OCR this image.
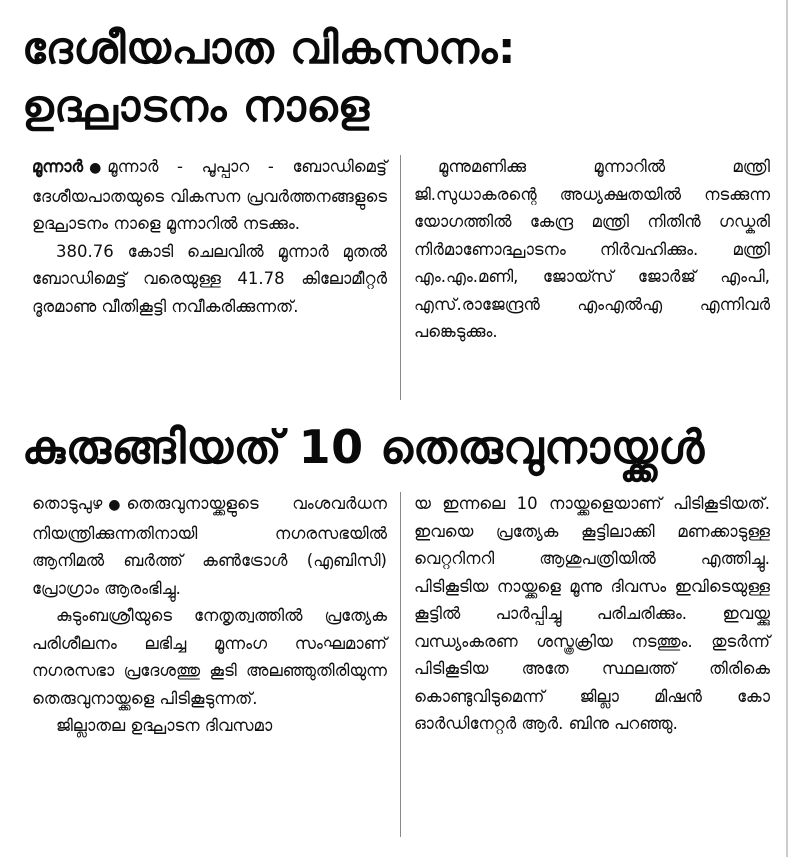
ദേശീയപാത വികസനം:
ഉദ്ഘാടനം നാളെ

മൂന്നാർ ● മൂന്നാർ - പൂപ്പാറ - ബോഡിമെട്ട് ദേശീയപാതയുടെ വികസന പ്രവർത്തനങ്ങളുടെ ഉദ്ഘാടനം നാളെ മൂന്നാറിൽ നടക്കും.

380.76 കോടി ചെലവിൽ മൂന്നാർ മുതൽ ബോഡിമെട്ട് വരെയുള്ള 41.78 കിലോമീറ്റർ ദൂരമാണു വീതികൂട്ടി നവീകരിക്കുന്നത്.

മൂന്നുമണിക്കു മൂന്നാറിൽ മന്ത്രി ജി.സുധാകരന്റെ അധ്യക്ഷതയിൽ നടക്കുന്ന യോഗത്തിൽ കേന്ദ്ര മന്ത്രി നിതിൻ ഗഡ്കരി നിർമാണോദ്ഘാടനം നിർവഹിക്കും. മന്ത്രി എം.എം.മണി, ജോയ്സ് ജോർജ് എംപി, എസ്.രാജേന്ദ്രൻ എംഎൽഎ എന്നിവർ പങ്കെടുക്കും.

കുരുങ്ങിയത് 10 തെരുവുനായ്ക്കൾ

തൊടുപുഴ ● തെരുവുനായ്ക്കളുടെ വംശവർധന നിയന്ത്രിക്കുന്നതിനായി നഗരസഭയിൽ ആനിമൽ ബർത്ത് കൺട്രോൾ (എബിസി) പ്രോഗ്രാം ആരംഭിച്ചു.

കുടുംബശ്രീയുടെ നേതൃത്വത്തിൽ പ്രത്യേക പരിശീലനം ലഭിച്ച മൂന്നംഗ സംഘമാണ് നഗരസഭാ പ്രദേശത്തു കൂടി അലഞ്ഞുതിരിയുന്ന തെരുവുനായ്ക്കളെ പിടികൂടുന്നത്.

ജില്ലാതല ഉദ്ഘാടന ദിവസമാ

യ ഇന്നലെ 10 നായ്ക്കളെയാണ് പിടികൂടിയത്. ഇവയെ പ്രത്യേക കൂട്ടിലാക്കി മണക്കാടുള്ള വെറ്ററിനറി ആശുപത്രിയിൽ എത്തിച്ചു. പിടികൂടിയ നായ്ക്കളെ മൂന്നു ദിവസം ഇവിടെയുള്ള കൂട്ടിൽ പാർപ്പിച്ചു പരിചരിക്കും. ഇവയ്ക്കു വന്ധ്യംകരണ ശസ്ത്രക്രിയ നടത്തും. തുടർന്ന് പിടികൂടിയ അതേ സ്ഥലത്ത് തിരികെ കൊണ്ടുവിടുമെന്ന് ജില്ലാ മിഷൻ കോ ഓർഡിനേറ്റർ ആർ. ബിനു പറഞ്ഞു.
